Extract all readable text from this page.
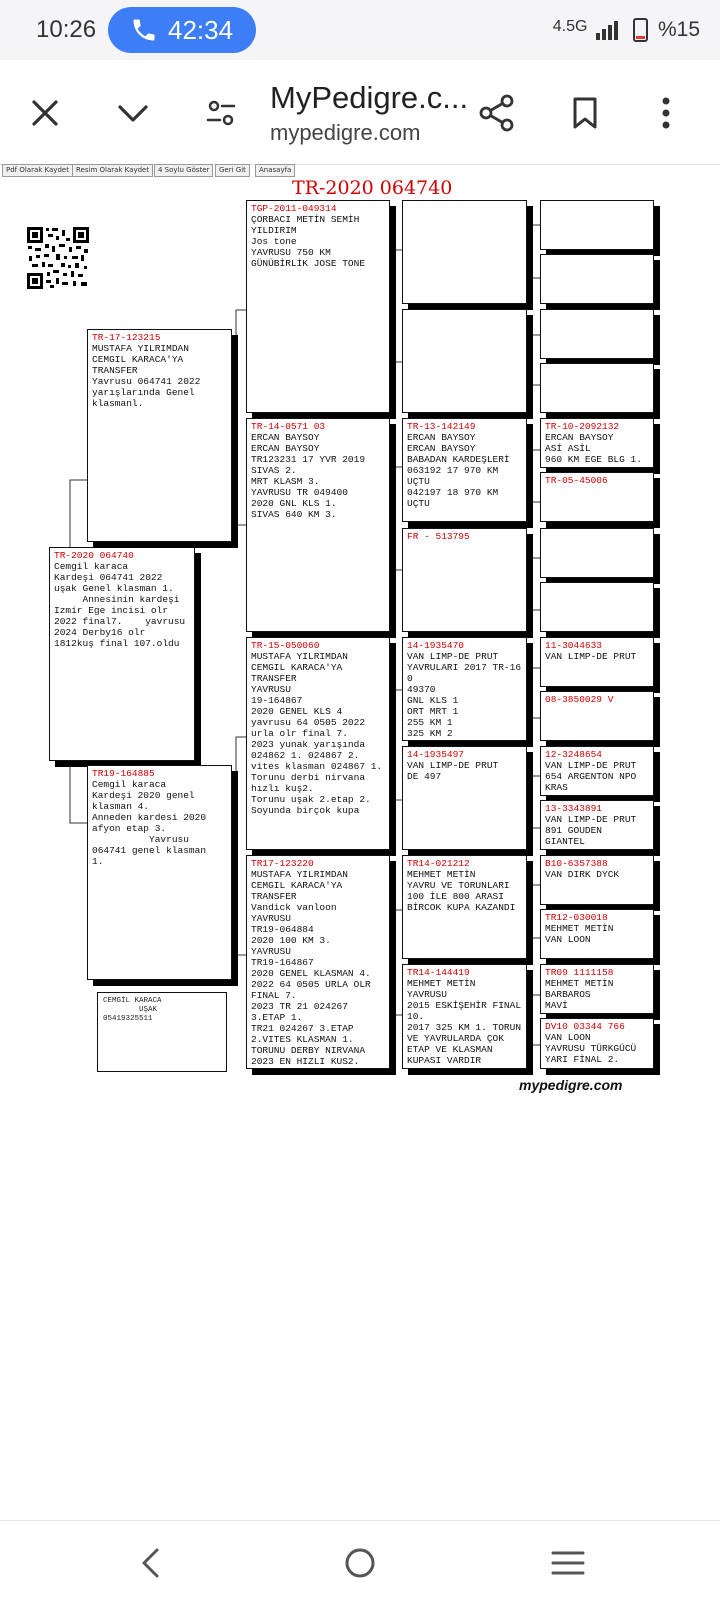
10:26	42:34	$^{4.5G}$	%15
MyPedigre.c...
mypedigre.com
Pdf Olarak Kaydet	Resim Olarak Kaydet	4 Soylu Göster	Geri Git	Anasayfa
TR-2020 064740
TR-2020 064740
Cemgil karaca
Kardeşi 064741 2022
uşak Genel klasman 1.
Annesinin kardeşi
Izmir Ege incisi olr
2022 final7.    yavrusu
2024 Derby16 olr
1812kuş final 107.oldu
TR-17-123215
MUSTAFA YILRIMDAN
CEMGIL KARACA'YA
TRANSFER
Yavrusu 064741 2022
yarışlarında Genel
klasmanl.
TR19-164885
Cemgil karaca
Kardeşi 2020 genel
klasman 4.
Anneden kardesi 2020
afyon etap 3.
Yavrusu
064741 genel klasman
1.
TGP-2011-049314
ÇORBACI METİN SEMİH
YILDIRIM
Jos tone
YAVRUSU 750 KM
GÜNÜBİRLİK JOSE TONE
TR-14-0571 03
ERCAN BAYSOY
ERCAN BAYSOY
TR123231 17 YVR 2019
SIVAS 2.
MRT KLASM 3.
YAVRUSU TR 049400
2020 GNL KLS 1.
SIVAS 640 KM 3.
TR-15-050060
MUSTAFA YILRIMDAN
CEMGIL KARACA'YA
TRANSFER
YAVRUSU
19-164867
2020 GENEL KLS 4
yavrusu 64 0505 2022
urla olr final 7.
2023 yunak yarışında
024862 1. 024867 2.
vites klasman 024867 1.
Torunu derbi nirvana
hızlı kuş2.
Torunu uşak 2.etap 2.
Soyunda birçok kupa
TR17-123220
MUSTAFA YILRIMDAN
CEMGIL KARACA'YA
TRANSFER
Vandick vanloon
YAVRUSU
TR19-064884
2020 100 KM 3.
YAVRUSU
TR19-164867
2020 GENEL KLASMAN 4.
2022 64 0505 URLA OLR
FINAL 7.
2023 TR 21 024267
3.ETAP 1.
TR21 024267 3.ETAP
2.VITES KLASMAN 1.
TORUNU DERBY NIRVANA
2023 EN HIZLI KUS2.
TR-13-142149
ERCAN BAYSOY
ERCAN BAYSOY
BABADAN KARDEŞLERİ
063192 17 970 KM
UÇTU
042197 18 970 KM
UÇTU
FR - 513795
14-1935470
VAN LIMP-DE PRUT
YAVRULARI 2017 TR-16
0
49370
GNL KLS 1
ORT MRT 1
255 KM 1
325 KM 2
14-1935497
VAN LIMP-DE PRUT
DE 497
TR14-021212
MEHMET METİN
YAVRU VE TORUNLARI
100 İLE 800 ARASI
BİRCOK KUPA KAZANDI
TR14-144419
MEHMET METİN
YAVRUSU
2015 ESKİŞEHİR FINAL
10.
2017 325 KM 1. TORUN
VE YAVRULARDA ÇOK
ETAP VE KLASMAN
KUPASI VARDIR
TR-10-2092132
ERCAN BAYSOY
ASİ ASİL
960 KM EGE BLG 1.
TR-05-45006
11-3044633
VAN LIMP-DE PRUT
08-3850029 V
12-3248654
VAN LIMP-DE PRUT
654 ARGENTON NPO
KRAS
13-3343891
VAN LIMP-DE PRUT
891 GOUDEN
GIANTEL
B10-6357388
VAN DIRK DYCK
TR12-030018
MEHMET METİN
VAN LOON
TR09 1111158
MEHMET METİN
BARBAROS
MAVİ
DV10 03344 766
VAN LOON
YAVRUSU TÜRKGÜCÜ
YARI FİNAL 2.
CEMGİL KARACA
UŞAK
05419325511
mypedigre.com
